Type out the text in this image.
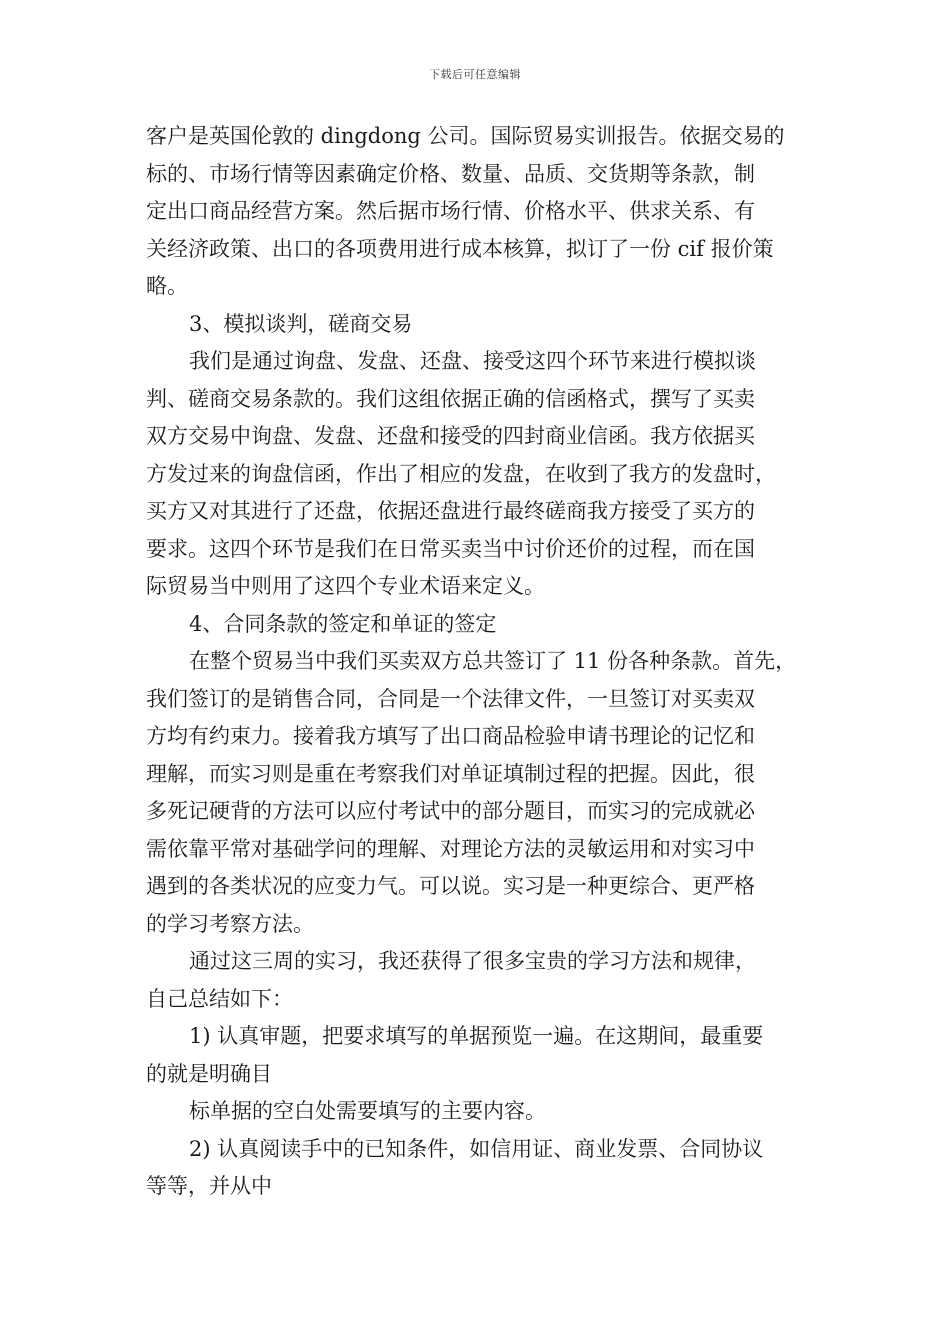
下载后可任意编辑
客户是英国伦敦的 dingdong 公司。国际贸易实训报告。依据交易的
标的、市场行情等因素确定价格、数量、品质、交货期等条款，制
定出口商品经营方案。然后据市场行情、价格水平、供求关系、有
关经济政策、出口的各项费用进行成本核算，拟订了一份 cif 报价策
略。
3、模拟谈判，磋商交易
我们是通过询盘、发盘、还盘、接受这四个环节来进行模拟谈
判、磋商交易条款的。我们这组依据正确的信函格式，撰写了买卖
双方交易中询盘、发盘、还盘和接受的四封商业信函。我方依据买
方发过来的询盘信函，作出了相应的发盘，在收到了我方的发盘时，
买方又对其进行了还盘，依据还盘进行最终磋商我方接受了买方的
要求。这四个环节是我们在日常买卖当中讨价还价的过程，而在国
际贸易当中则用了这四个专业术语来定义。
4、合同条款的签定和单证的签定
在整个贸易当中我们买卖双方总共签订了 11 份各种条款。首先，
我们签订的是销售合同，合同是一个法律文件，一旦签订对买卖双
方均有约束力。接着我方填写了出口商品检验申请书理论的记忆和
理解，而实习则是重在考察我们对单证填制过程的把握。因此，很
多死记硬背的方法可以应付考试中的部分题目，而实习的完成就必
需依靠平常对基础学问的理解、对理论方法的灵敏运用和对实习中
遇到的各类状况的应变力气。可以说。实习是一种更综合、更严格
的学习考察方法。
通过这三周的实习，我还获得了很多宝贵的学习方法和规律，
自己总结如下：
1) 认真审题，把要求填写的单据预览一遍。在这期间，最重要
的就是明确目
标单据的空白处需要填写的主要内容。
2) 认真阅读手中的已知条件，如信用证、商业发票、合同协议
等等，并从中
